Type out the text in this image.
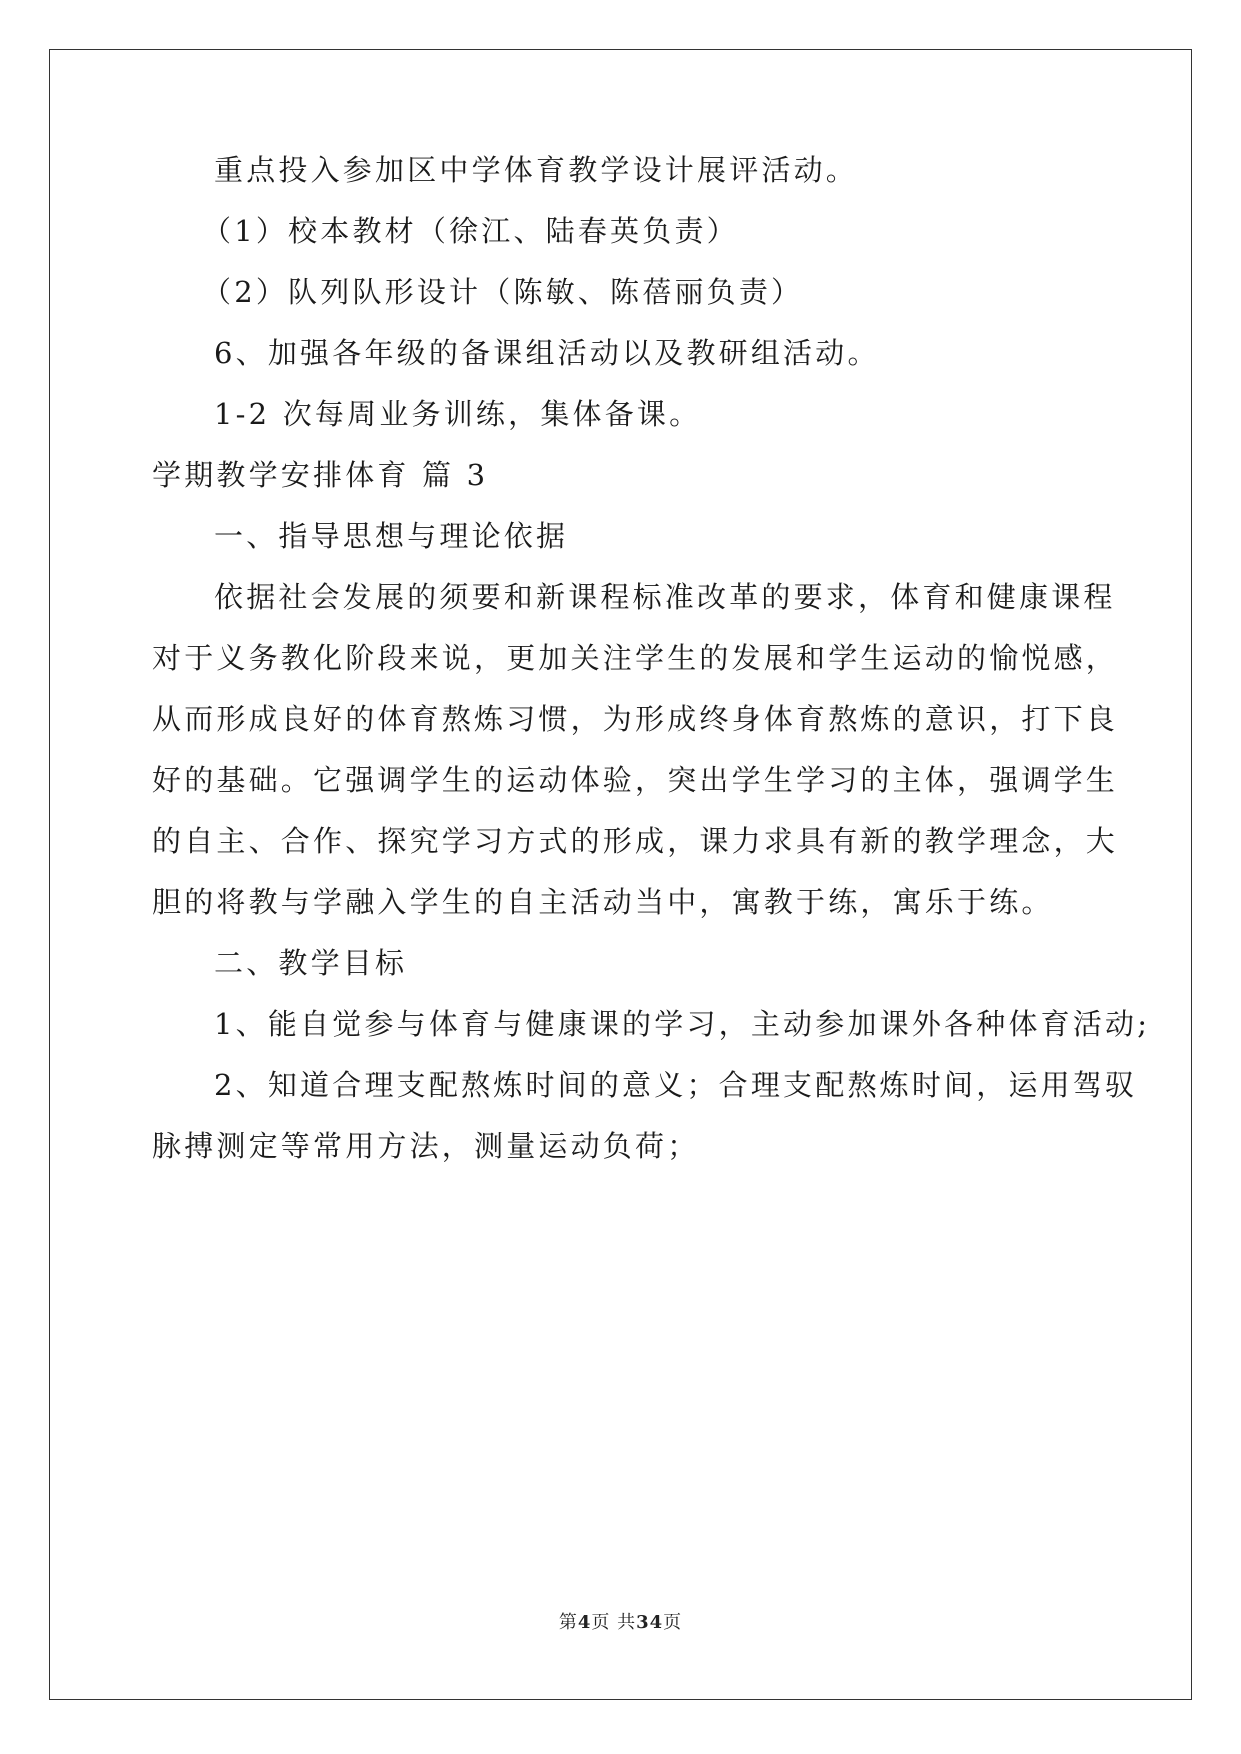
重点投入参加区中学体育教学设计展评活动。
（1）校本教材（徐江、陆春英负责）
（2）队列队形设计（陈敏、陈蓓丽负责）
6、加强各年级的备课组活动以及教研组活动。
1-2 次每周业务训练，集体备课。
学期教学安排体育 篇 3
一、指导思想与理论依据
依据社会发展的须要和新课程标准改革的要求，体育和健康课程
对于义务教化阶段来说，更加关注学生的发展和学生运动的愉悦感，
从而形成良好的体育熬炼习惯，为形成终身体育熬炼的意识，打下良
好的基础。它强调学生的运动体验，突出学生学习的主体，强调学生
的自主、合作、探究学习方式的形成，课力求具有新的教学理念，大
胆的将教与学融入学生的自主活动当中，寓教于练，寓乐于练。
二、教学目标
1、能自觉参与体育与健康课的学习，主动参加课外各种体育活动;
2、知道合理支配熬炼时间的意义；合理支配熬炼时间，运用驾驭
脉搏测定等常用方法，测量运动负荷；
第4页 共34页
